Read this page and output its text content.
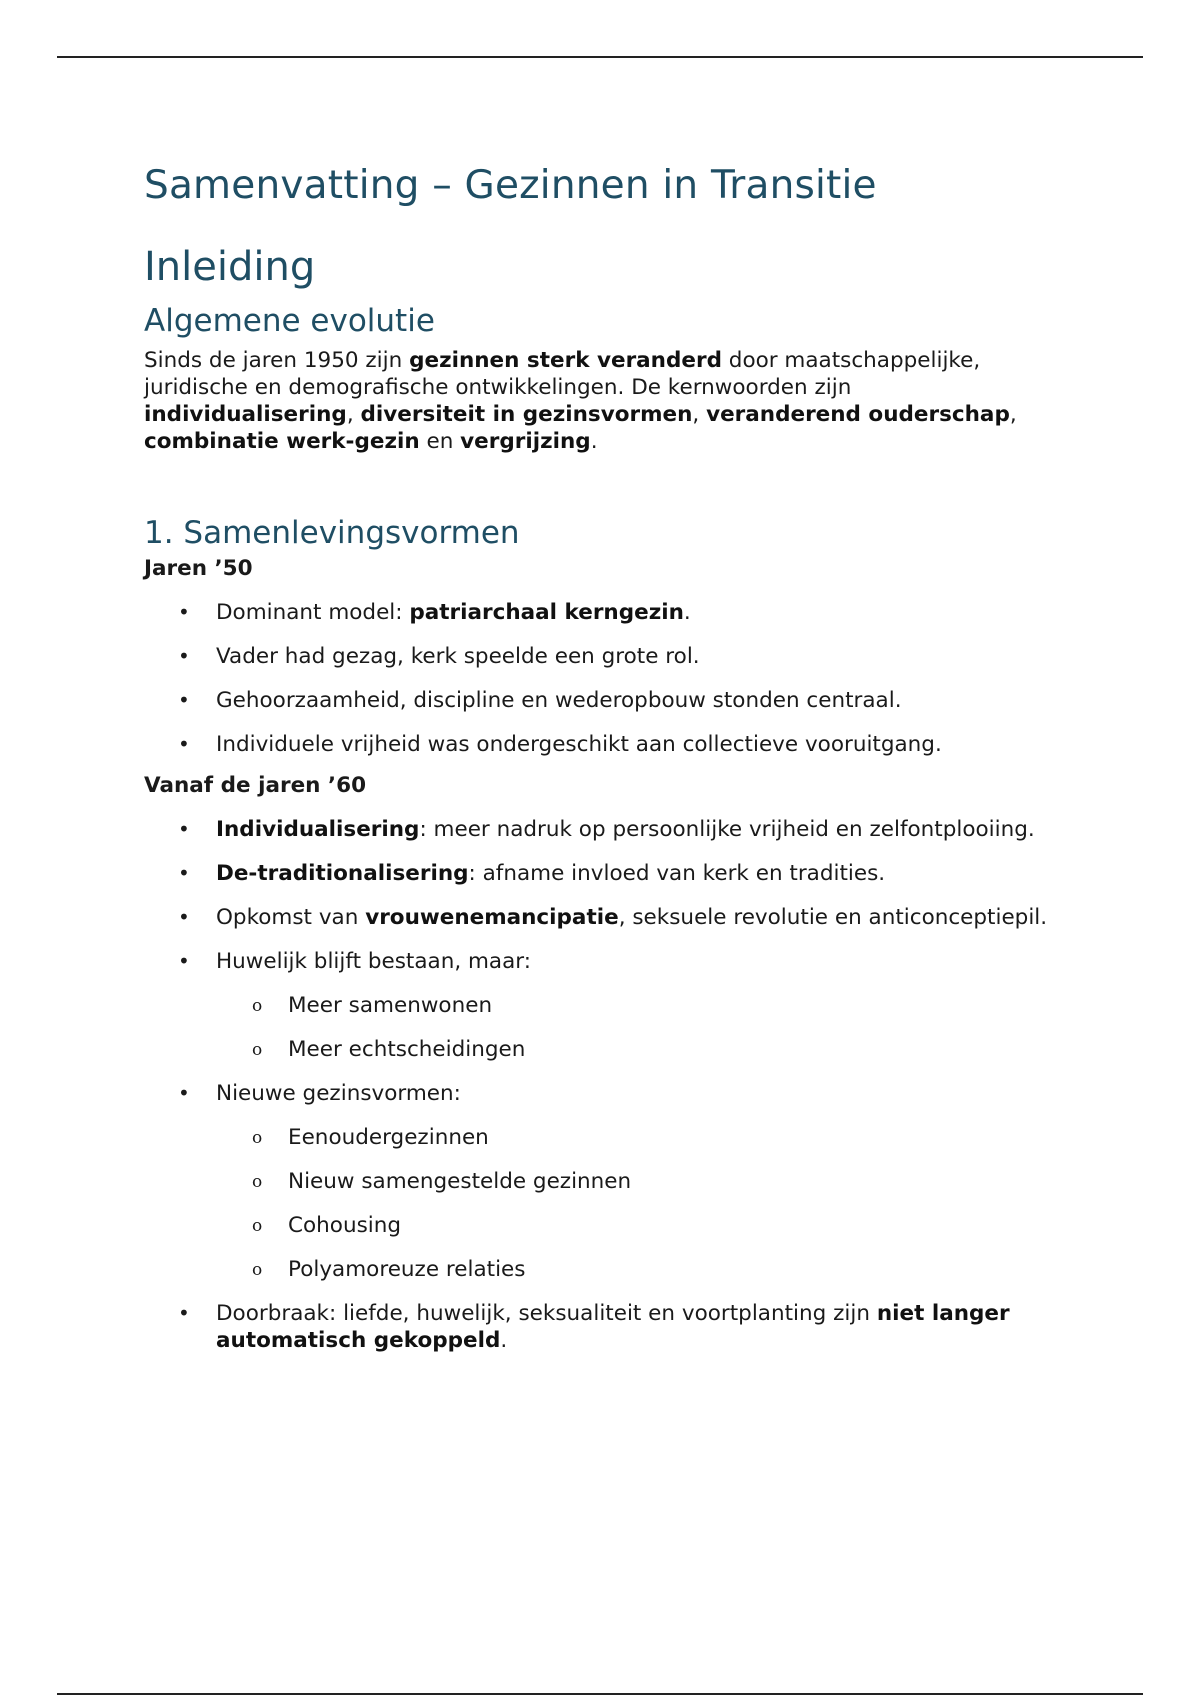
Samenvatting – Gezinnen in Transitie
Inleiding
Algemene evolutie

Sinds de jaren 1950 zijn gezinnen sterk veranderd door maatschappelijke, juridische en demografische ontwikkelingen. De kernwoorden zijn individualisering, diversiteit in gezinsvormen, veranderend ouderschap, combinatie werk-gezin en vergrijzing.

1. Samenlevingsvormen
Jaren ’50
• Dominant model: patriarchaal kerngezin.
• Vader had gezag, kerk speelde een grote rol.
• Gehoorzaamheid, discipline en wederopbouw stonden centraal.
• Individuele vrijheid was ondergeschikt aan collectieve vooruitgang.
Vanaf de jaren ’60
• Individualisering: meer nadruk op persoonlijke vrijheid en zelfontplooiing.
• De-traditionalisering: afname invloed van kerk en tradities.
• Opkomst van vrouwenemancipatie, seksuele revolutie en anticonceptiepil.
• Huwelijk blijft bestaan, maar:
o Meer samenwonen
o Meer echtscheidingen
• Nieuwe gezinsvormen:
o Eenoudergezinnen
o Nieuw samengestelde gezinnen
o Cohousing
o Polyamoreuze relaties
• Doorbraak: liefde, huwelijk, seksualiteit en voortplanting zijn niet langer automatisch gekoppeld.
